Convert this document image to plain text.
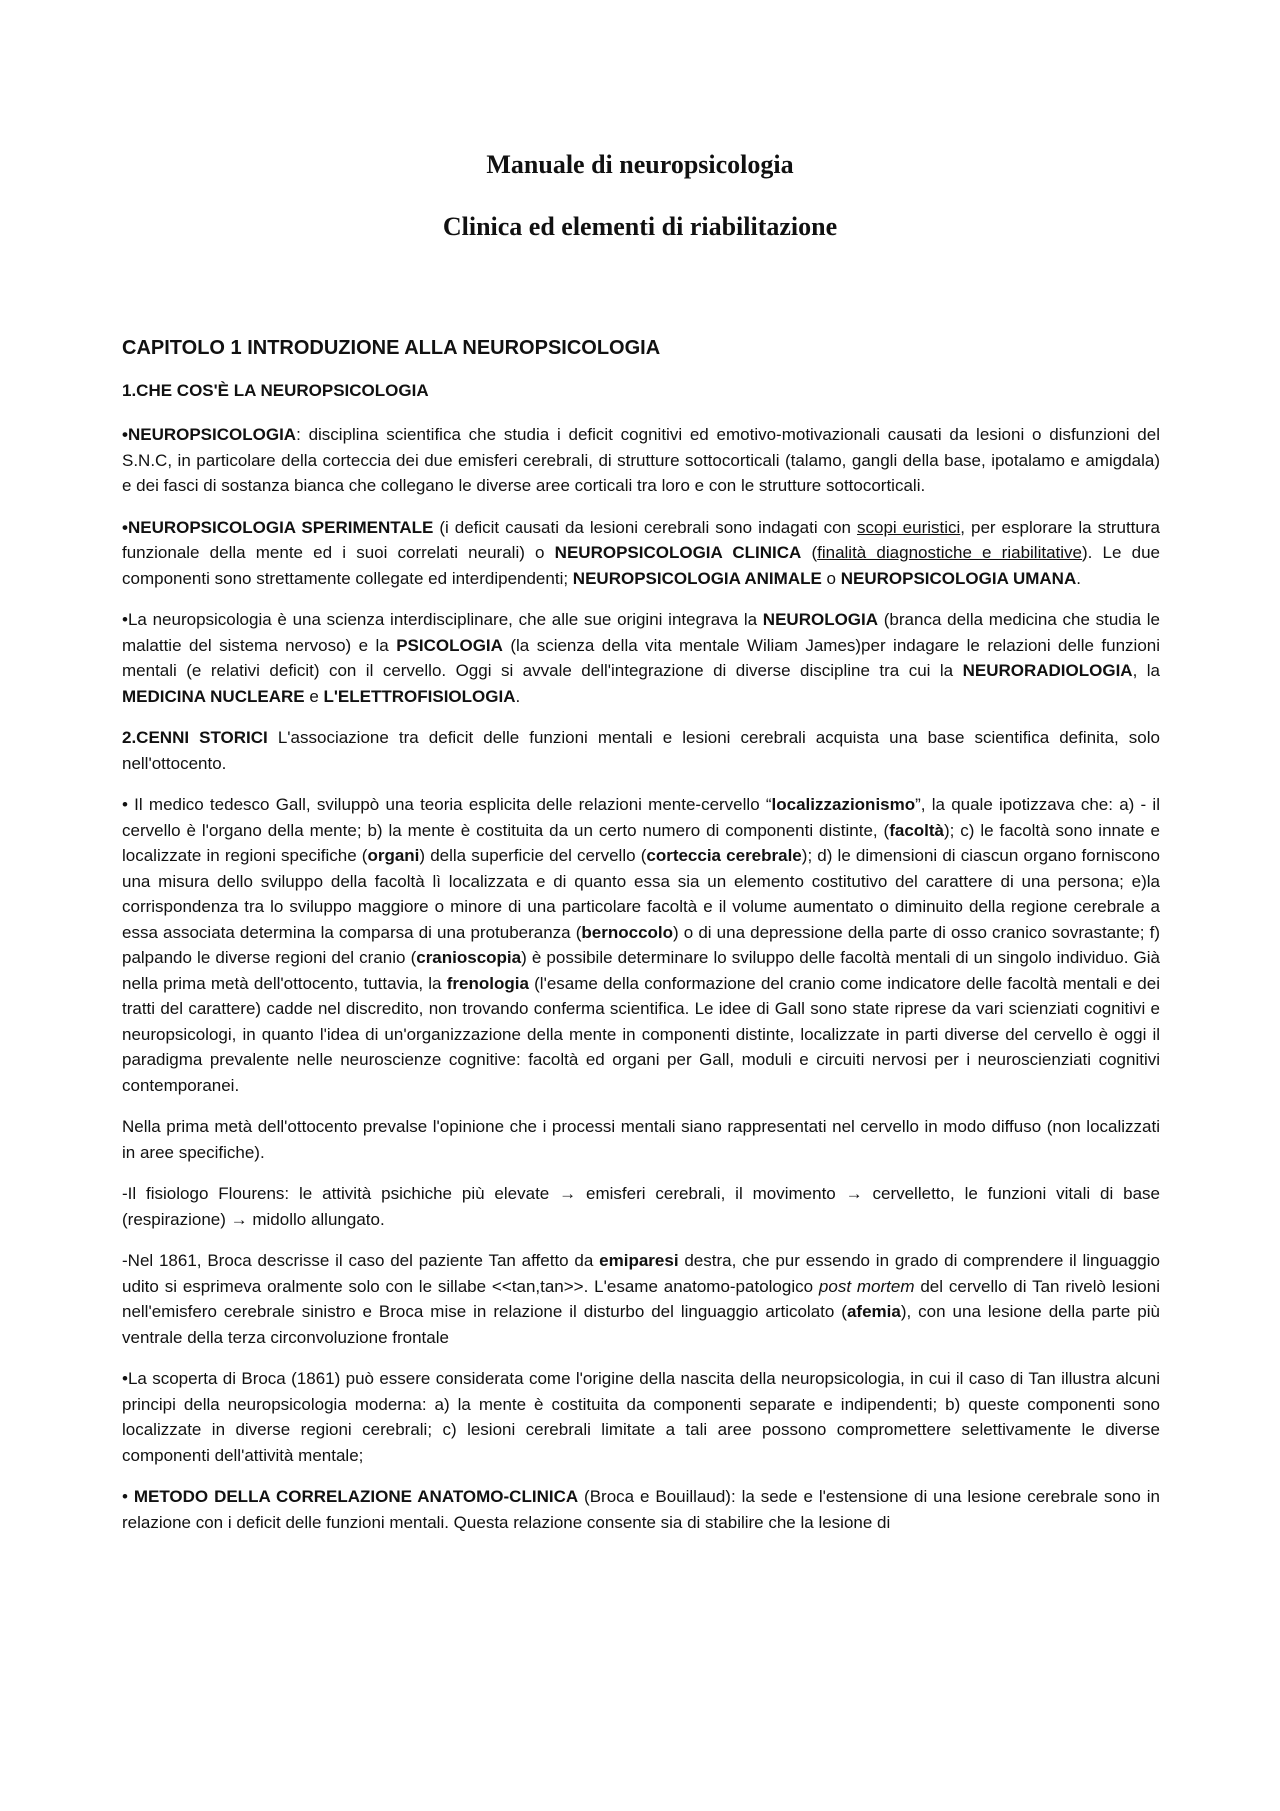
Manuale di neuropsicologia
Clinica ed elementi di riabilitazione
CAPITOLO 1 INTRODUZIONE ALLA NEUROPSICOLOGIA
1.CHE COS'È LA NEUROPSICOLOGIA

•NEUROPSICOLOGIA: disciplina scientifica che studia i deficit cognitivi ed emotivo-motivazionali causati da lesioni o disfunzioni del S.N.C, in particolare della corteccia dei due emisferi cerebrali, di strutture sottocorticali (talamo, gangli della base, ipotalamo e amigdala) e dei fasci di sostanza bianca che collegano le diverse aree corticali tra loro e con le strutture sottocorticali.

•NEUROPSICOLOGIA SPERIMENTALE (i deficit causati da lesioni cerebrali sono indagati con scopi euristici, per esplorare la struttura funzionale della mente ed i suoi correlati neurali) o NEUROPSICOLOGIA CLINICA (finalità diagnostiche e riabilitative). Le due componenti sono strettamente collegate ed interdipendenti; NEUROPSICOLOGIA ANIMALE o NEUROPSICOLOGIA UMANA.

•La neuropsicologia è una scienza interdisciplinare, che alle sue origini integrava la NEUROLOGIA (branca della medicina che studia le malattie del sistema nervoso) e la PSICOLOGIA (la scienza della vita mentale Wiliam James)per indagare le relazioni delle funzioni mentali (e relativi deficit) con il cervello. Oggi si avvale dell'integrazione di diverse discipline tra cui la NEURORADIOLOGIA, la MEDICINA NUCLEARE e L'ELETTROFISIOLOGIA.

2.CENNI STORICI L'associazione tra deficit delle funzioni mentali e lesioni cerebrali acquista una base scientifica definita, solo nell'ottocento.

• Il medico tedesco Gall, sviluppò una teoria esplicita delle relazioni mente-cervello “localizzazionismo”, la quale ipotizzava che: a) - il cervello è l'organo della mente; b) la mente è costituita da un certo numero di componenti distinte, (facoltà); c) le facoltà sono innate e localizzate in regioni specifiche (organi) della superficie del cervello (corteccia cerebrale); d) le dimensioni di ciascun organo forniscono una misura dello sviluppo della facoltà lì localizzata e di quanto essa sia un elemento costitutivo del carattere di una persona; e)la corrispondenza tra lo sviluppo maggiore o minore di una particolare facoltà e il volume aumentato o diminuito della regione cerebrale a essa associata determina la comparsa di una protuberanza (bernoccolo) o di una depressione della parte di osso cranico sovrastante; f) palpando le diverse regioni del cranio (cranioscopia) è possibile determinare lo sviluppo delle facoltà mentali di un singolo individuo. Già nella prima metà dell'ottocento, tuttavia, la frenologia (l'esame della conformazione del cranio come indicatore delle facoltà mentali e dei tratti del carattere) cadde nel discredito, non trovando conferma scientifica. Le idee di Gall sono state riprese da vari scienziati cognitivi e neuropsicologi, in quanto l'idea di un'organizzazione della mente in componenti distinte, localizzate in parti diverse del cervello è oggi il paradigma prevalente nelle neuroscienze cognitive: facoltà ed organi per Gall, moduli e circuiti nervosi per i neuroscienziati cognitivi contemporanei.

Nella prima metà dell'ottocento prevalse l'opinione che i processi mentali siano rappresentati nel cervello in modo diffuso (non localizzati in aree specifiche).

-Il fisiologo Flourens: le attività psichiche più elevate → emisferi cerebrali, il movimento → cervelletto, le funzioni vitali di base (respirazione) → midollo allungato.

-Nel 1861, Broca descrisse il caso del paziente Tan affetto da emiparesi destra, che pur essendo in grado di comprendere il linguaggio udito si esprimeva oralmente solo con le sillabe <<tan,tan>>. L'esame anatomo-patologico post mortem del cervello di Tan rivelò lesioni nell'emisfero cerebrale sinistro e Broca mise in relazione il disturbo del linguaggio articolato (afemia), con una lesione della parte più ventrale della terza circonvoluzione frontale

•La scoperta di Broca (1861) può essere considerata come l'origine della nascita della neuropsicologia, in cui il caso di Tan illustra alcuni principi della neuropsicologia moderna: a) la mente è costituita da componenti separate e indipendenti; b) queste componenti sono localizzate in diverse regioni cerebrali; c) lesioni cerebrali limitate a tali aree possono compromettere selettivamente le diverse componenti dell'attività mentale;

• METODO DELLA CORRELAZIONE ANATOMO-CLINICA (Broca e Bouillaud): la sede e l'estensione di una lesione cerebrale sono in relazione con i deficit delle funzioni mentali. Questa relazione consente sia di stabilire che la lesione di
